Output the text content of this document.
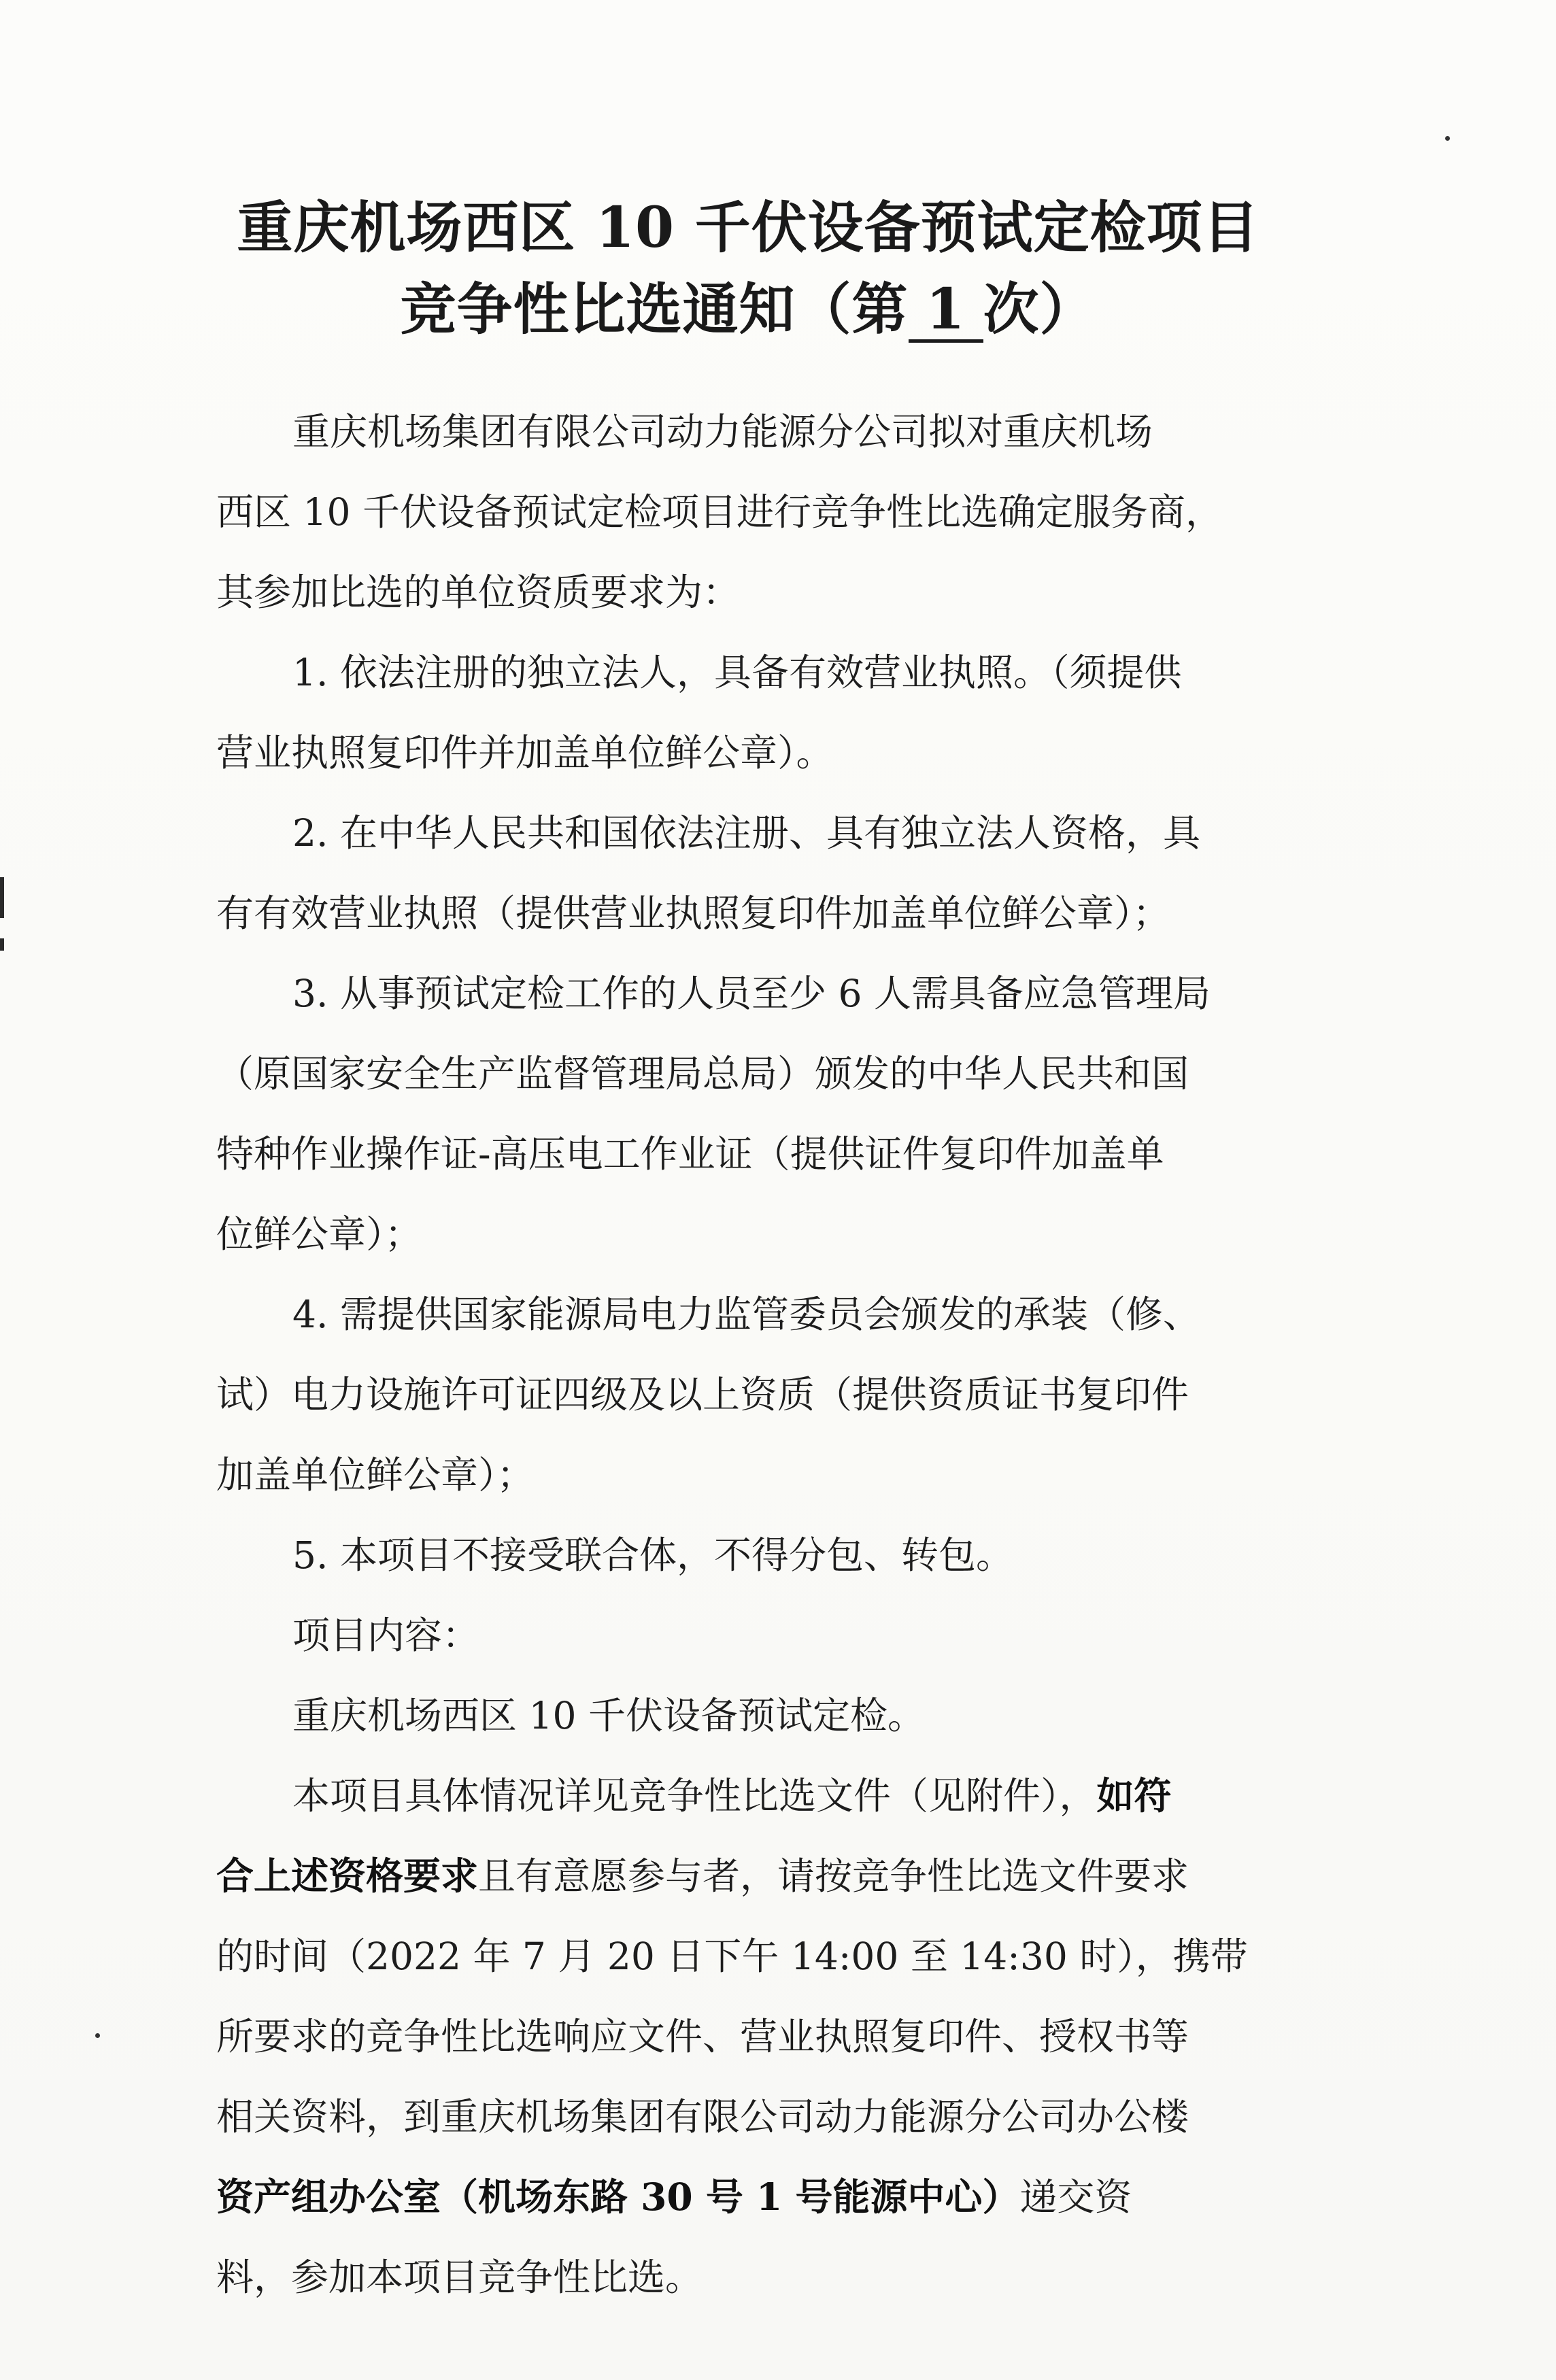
重庆机场西区 10 千伏设备预试定检项目
竞争性比选通知（第 1 次）
重庆机场集团有限公司动力能源分公司拟对重庆机场
西区 10 千伏设备预试定检项目进行竞争性比选确定服务商，
其参加比选的单位资质要求为：
1. 依法注册的独立法人，具备有效营业执照。（须提供
营业执照复印件并加盖单位鲜公章）。
2. 在中华人民共和国依法注册、具有独立法人资格，具
有有效营业执照（提供营业执照复印件加盖单位鲜公章）；
3. 从事预试定检工作的人员至少 6 人需具备应急管理局
（原国家安全生产监督管理局总局）颁发的中华人民共和国
特种作业操作证-高压电工作业证（提供证件复印件加盖单
位鲜公章）；
4. 需提供国家能源局电力监管委员会颁发的承装（修、
试）电力设施许可证四级及以上资质（提供资质证书复印件
加盖单位鲜公章）；
5. 本项目不接受联合体，不得分包、转包。
项目内容：
重庆机场西区 10 千伏设备预试定检。
本项目具体情况详见竞争性比选文件（见附件），如符
合上述资格要求且有意愿参与者，请按竞争性比选文件要求
的时间（2022 年 7 月 20 日下午 14:00 至 14:30 时），携带
所要求的竞争性比选响应文件、营业执照复印件、授权书等
相关资料，到重庆机场集团有限公司动力能源分公司办公楼
资产组办公室（机场东路 30 号 1 号能源中心）递交资
料，参加本项目竞争性比选。
